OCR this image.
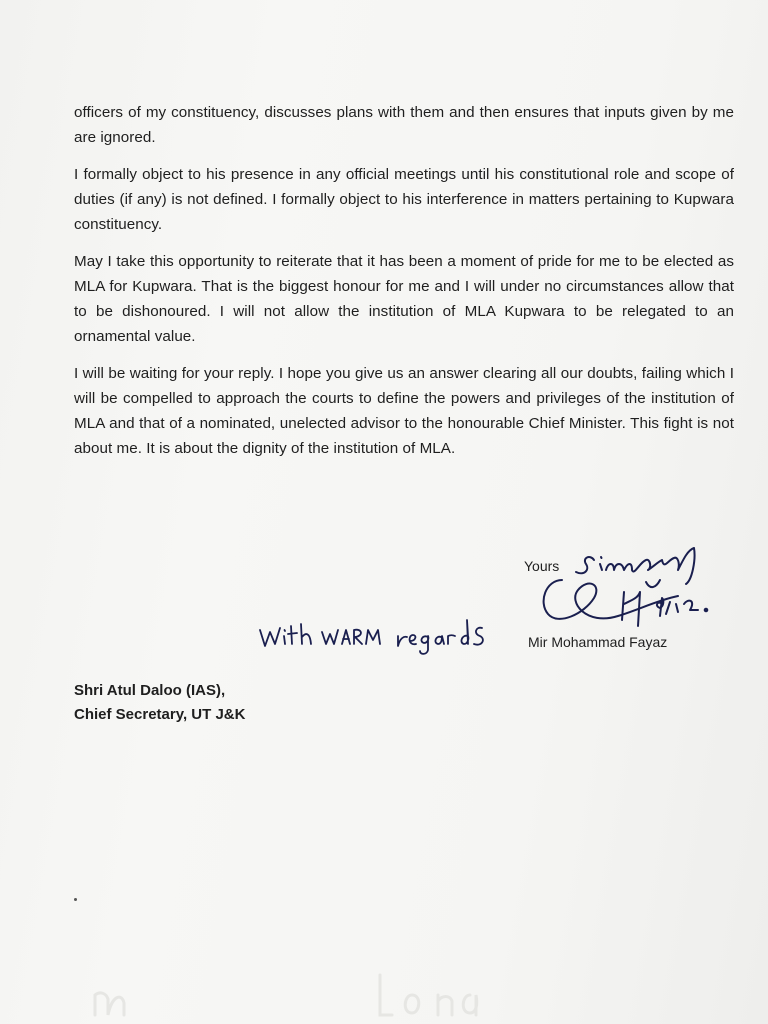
officers of my constituency, discusses plans with them and then ensures that inputs given by me are ignored.

I formally object to his presence in any official meetings until his constitutional role and scope of duties (if any) is not defined. I formally object to his interference in matters pertaining to Kupwara constituency.

May I take this opportunity to reiterate that it has been a moment of pride for me to be elected as MLA for Kupwara. That is the biggest honour for me and I will under no circumstances allow that to be dishonoured. I will not allow the institution of MLA Kupwara to be relegated to an ornamental value.

I will be waiting for your reply. I hope you give us an answer clearing all our doubts, failing which I will be compelled to approach the courts to define the powers and privileges of the institution of MLA and that of a nominated, unelected advisor to the honourable Chief Minister. This fight is not about me. It is about the dignity of the institution of MLA.

Yours
Mir Mohammad Fayaz
Shri Atul Daloo (IAS),
Chief Secretary, UT J&K
